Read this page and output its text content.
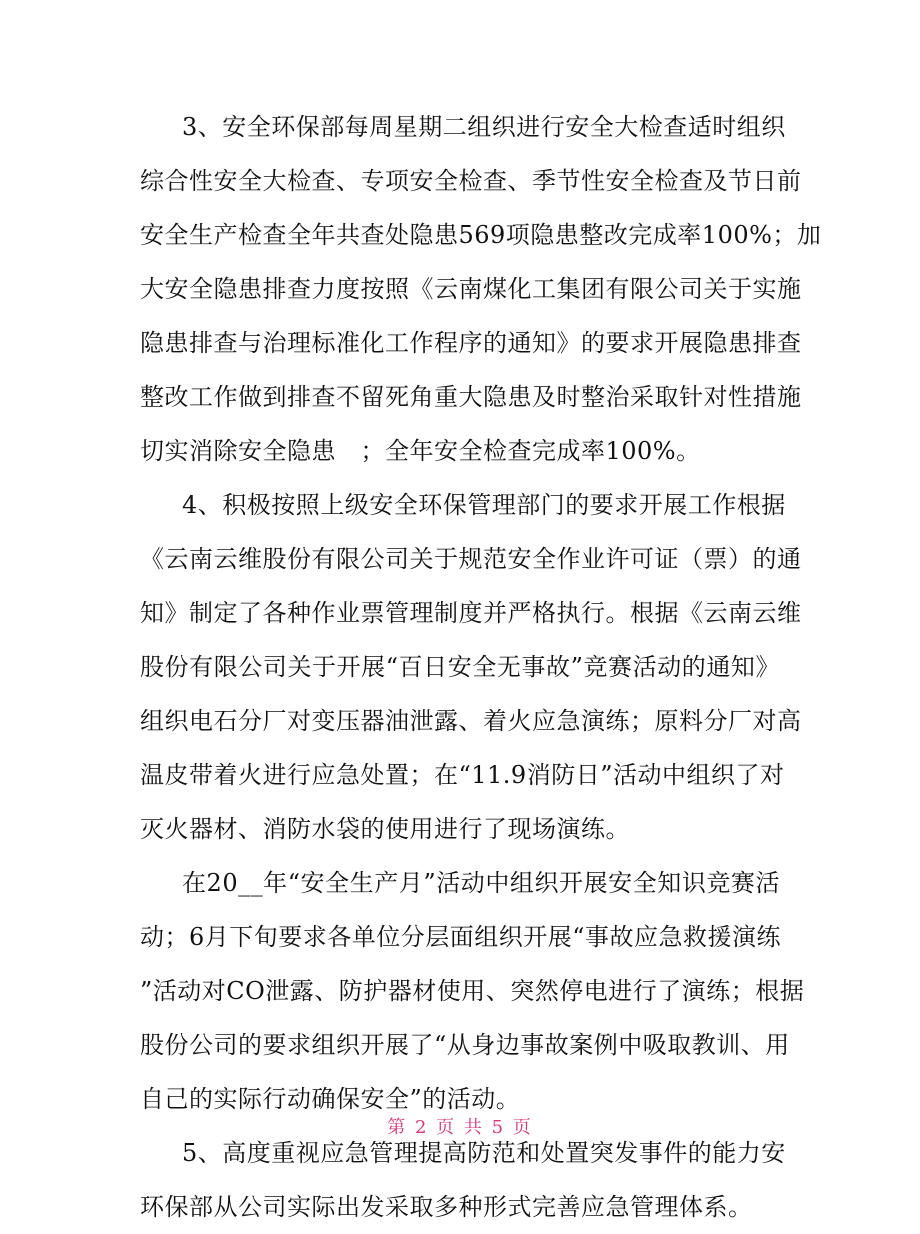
3、安全环保部每周星期二组织进行安全大检查适时组织
综合性安全大检查、专项安全检查、季节性安全检查及节日前
安全生产检查全年共查处隐患569项隐患整改完成率100%；加
大安全隐患排查力度按照《云南煤化工集团有限公司关于实施
隐患排查与治理标准化工作程序的通知》的要求开展隐患排查
整改工作做到排查不留死角重大隐患及时整治采取针对性措施
切实消除安全隐患　；全年安全检查完成率100%。
4、积极按照上级安全环保管理部门的要求开展工作根据
《云南云维股份有限公司关于规范安全作业许可证（票）的通
知》制定了各种作业票管理制度并严格执行。根据《云南云维
股份有限公司关于开展“百日安全无事故”竞赛活动的通知》
组织电石分厂对变压器油泄露、着火应急演练；原料分厂对高
温皮带着火进行应急处置；在“11.9消防日”活动中组织了对
灭火器材、消防水袋的使用进行了现场演练。
在20__年“安全生产月”活动中组织开展安全知识竞赛活
动；6月下旬要求各单位分层面组织开展“事故应急救援演练
”活动对CO泄露、防护器材使用、突然停电进行了演练；根据
股份公司的要求组织开展了“从身边事故案例中吸取教训、用
自己的实际行动确保安全”的活动。
5、高度重视应急管理提高防范和处置突发事件的能力安
环保部从公司实际出发采取多种形式完善应急管理体系。
第 2 页 共 5 页
